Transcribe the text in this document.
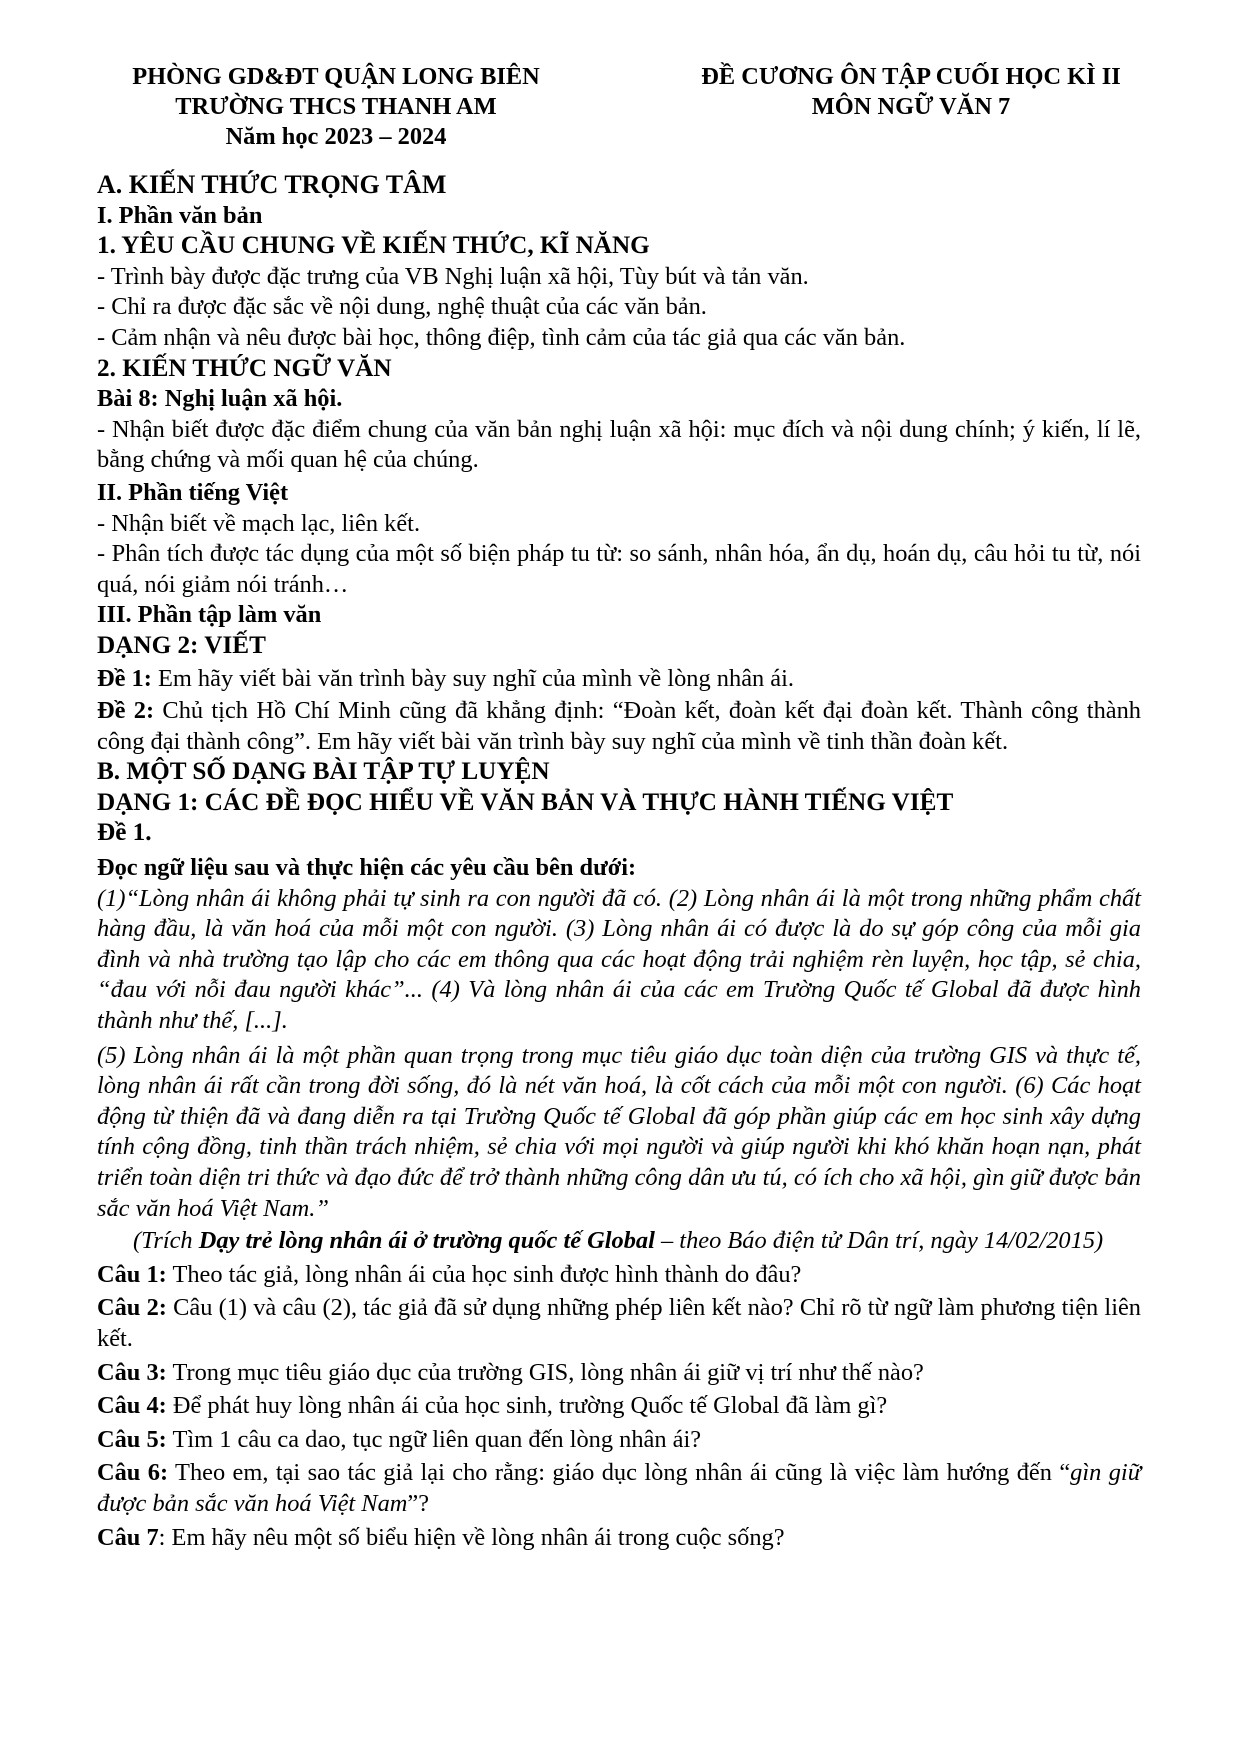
PHÒNG GD&ĐT QUẬN LONG BIÊN
TRƯỜNG THCS THANH AM
Năm học 2023 – 2024
ĐỀ CƯƠNG ÔN TẬP CUỐI HỌC KÌ II
MÔN NGỮ VĂN 7
A. KIẾN THỨC TRỌNG TÂM
I. Phần văn bản
1. YÊU CẦU CHUNG VỀ KIẾN THỨC, KĨ NĂNG
- Trình bày được đặc trưng của VB Nghị luận xã hội, Tùy bút và tản văn.
- Chỉ ra được đặc sắc về nội dung, nghệ thuật của các văn bản.
- Cảm nhận và nêu được bài học, thông điệp, tình cảm của tác giả qua các văn bản.
2. KIẾN THỨC NGỮ VĂN
Bài 8: Nghị luận xã hội.
- Nhận biết được đặc điểm chung của văn bản nghị luận xã hội: mục đích và nội dung chính; ý kiến, lí lẽ, bằng chứng và mối quan hệ của chúng.
II. Phần tiếng Việt
- Nhận biết về mạch lạc, liên kết.
- Phân tích được tác dụng của một số biện pháp tu từ: so sánh, nhân hóa, ẩn dụ, hoán dụ, câu hỏi tu từ, nói quá, nói giảm nói tránh…
III. Phần tập làm văn
DẠNG 2: VIẾT
Đề 1: Em hãy viết bài văn trình bày suy nghĩ của mình về lòng nhân ái.
Đề 2: Chủ tịch Hồ Chí Minh cũng đã khẳng định: “Đoàn kết, đoàn kết đại đoàn kết. Thành công thành công đại thành công”. Em hãy viết bài văn trình bày suy nghĩ của mình về tinh thần đoàn kết.
B. MỘT SỐ DẠNG BÀI TẬP TỰ LUYỆN
DẠNG 1: CÁC ĐỀ ĐỌC HIỂU VỀ VĂN BẢN VÀ THỰC HÀNH TIẾNG VIỆT
Đề 1.
Đọc ngữ liệu sau và thực hiện các yêu cầu bên dưới:
(1)“Lòng nhân ái không phải tự sinh ra con người đã có. (2) Lòng nhân ái là một trong những phẩm chất hàng đầu, là văn hoá của mỗi một con người. (3) Lòng nhân ái có được là do sự góp công của mỗi gia đình và nhà trường tạo lập cho các em thông qua các hoạt động trải nghiệm rèn luyện, học tập, sẻ chia, “đau với nỗi đau người khác”... (4) Và lòng nhân ái của các em Trường Quốc tế Global đã được hình thành như thế, [...].
(5) Lòng nhân ái là một phần quan trọng trong mục tiêu giáo dục toàn diện của trường GIS và thực tế, lòng nhân ái rất cần trong đời sống, đó là nét văn hoá, là cốt cách của mỗi một con người. (6) Các hoạt động từ thiện đã và đang diễn ra tại Trường Quốc tế Global đã góp phần giúp các em học sinh xây dựng tính cộng đồng, tinh thần trách nhiệm, sẻ chia với mọi người và giúp người khi khó khăn hoạn nạn, phát triển toàn diện tri thức và đạo đức để trở thành những công dân ưu tú, có ích cho xã hội, gìn giữ được bản sắc văn hoá Việt Nam.”
(Trích Dạy trẻ lòng nhân ái ở trường quốc tế Global – theo Báo điện tử Dân trí, ngày 14/02/2015)
Câu 1: Theo tác giả, lòng nhân ái của học sinh được hình thành do đâu?
Câu 2: Câu (1) và câu (2), tác giả đã sử dụng những phép liên kết nào? Chỉ rõ từ ngữ làm phương tiện liên kết.
Câu 3: Trong mục tiêu giáo dục của trường GIS, lòng nhân ái giữ vị trí như thế nào?
Câu 4: Để phát huy lòng nhân ái của học sinh, trường Quốc tế Global đã làm gì?
Câu 5: Tìm 1 câu ca dao, tục ngữ liên quan đến lòng nhân ái?
Câu 6: Theo em, tại sao tác giả lại cho rằng: giáo dục lòng nhân ái cũng là việc làm hướng đến “gìn giữ được bản sắc văn hoá Việt Nam”?
Câu 7: Em hãy nêu một số biểu hiện về lòng nhân ái trong cuộc sống?
